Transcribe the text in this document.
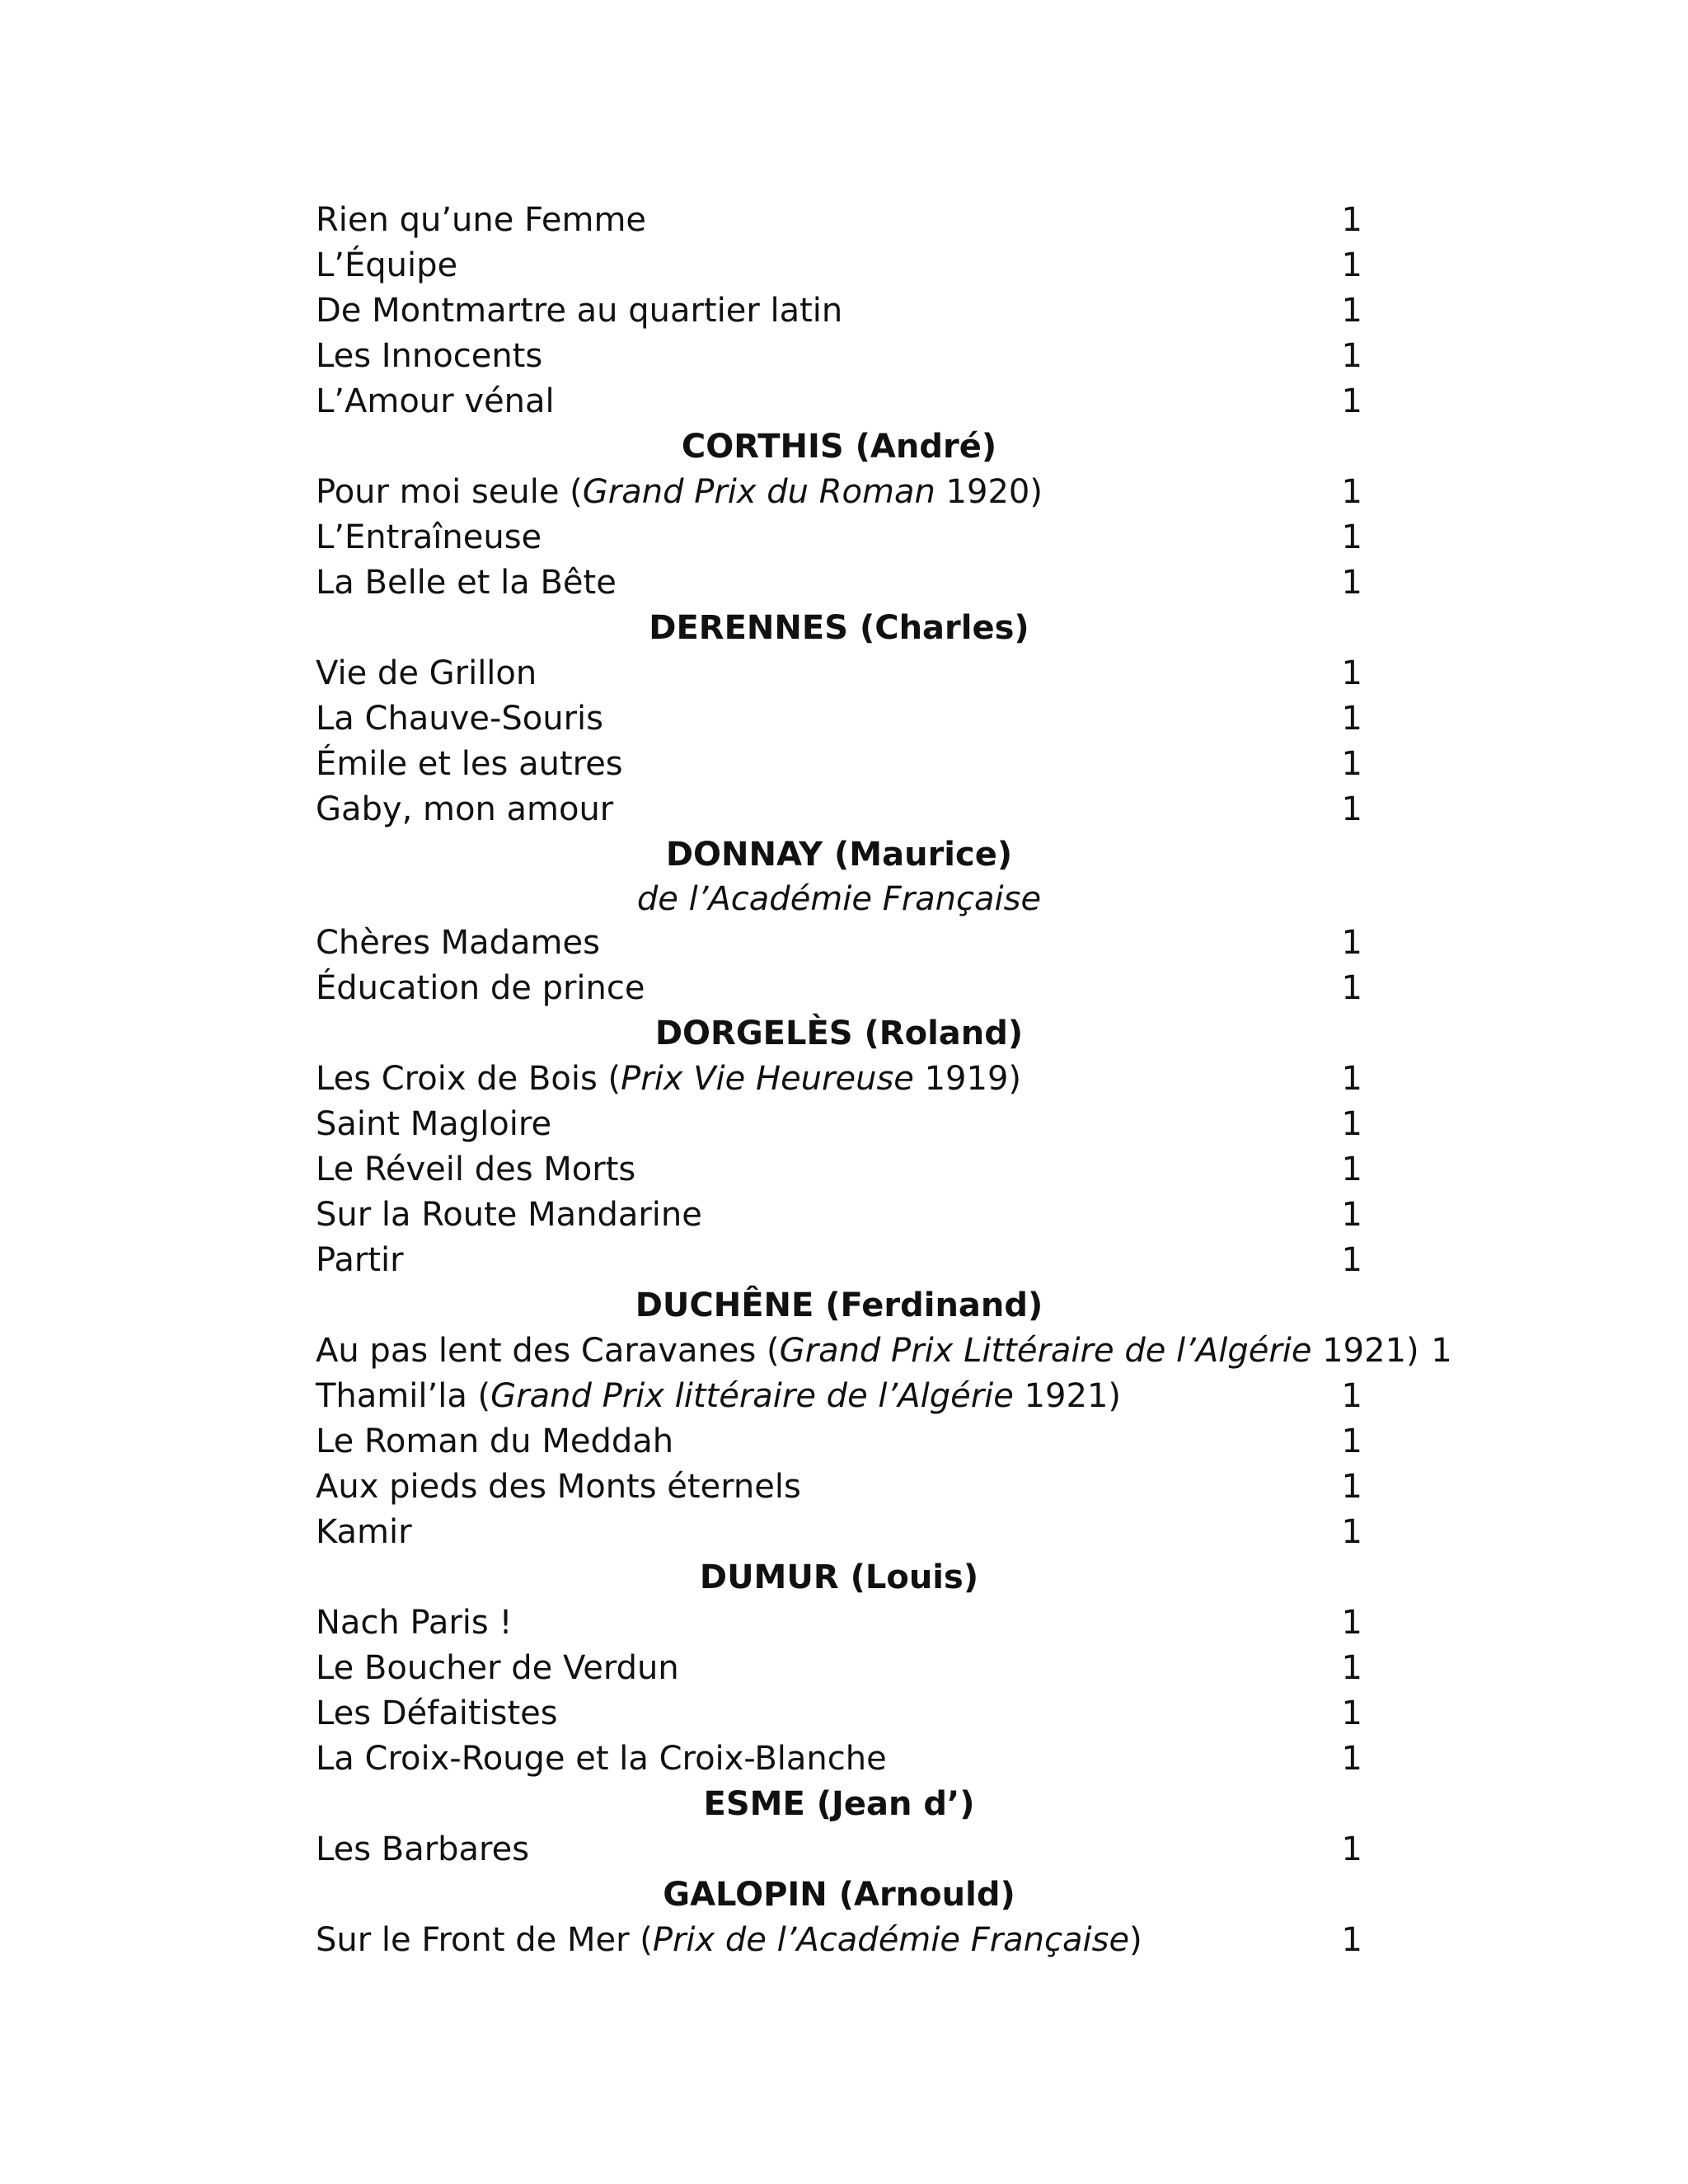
Rien qu’une Femme	1
L’Équipe	1
De Montmartre au quartier latin	1
Les Innocents	1
L’Amour vénal	1
CORTHIS (André)
Pour moi seule (Grand Prix du Roman 1920)	1
L’Entraîneuse	1
La Belle et la Bête	1
DERENNES (Charles)
Vie de Grillon	1
La Chauve-Souris	1
Émile et les autres	1
Gaby, mon amour	1
DONNAY (Maurice)
de l’Académie Française
Chères Madames	1
Éducation de prince	1
DORGELÈS (Roland)
Les Croix de Bois (Prix Vie Heureuse 1919)	1
Saint Magloire	1
Le Réveil des Morts	1
Sur la Route Mandarine	1
Partir	1
DUCHÊNE (Ferdinand)
Au pas lent des Caravanes (Grand Prix Littéraire de l’Algérie 1921) 1
Thamil’la (Grand Prix littéraire de l’Algérie 1921)	1
Le Roman du Meddah	1
Aux pieds des Monts éternels	1
Kamir	1
DUMUR (Louis)
Nach Paris !	1
Le Boucher de Verdun	1
Les Défaitistes	1
La Croix-Rouge et la Croix-Blanche	1
ESME (Jean d’)
Les Barbares	1
GALOPIN (Arnould)
Sur le Front de Mer (Prix de l’Académie Française)	1
